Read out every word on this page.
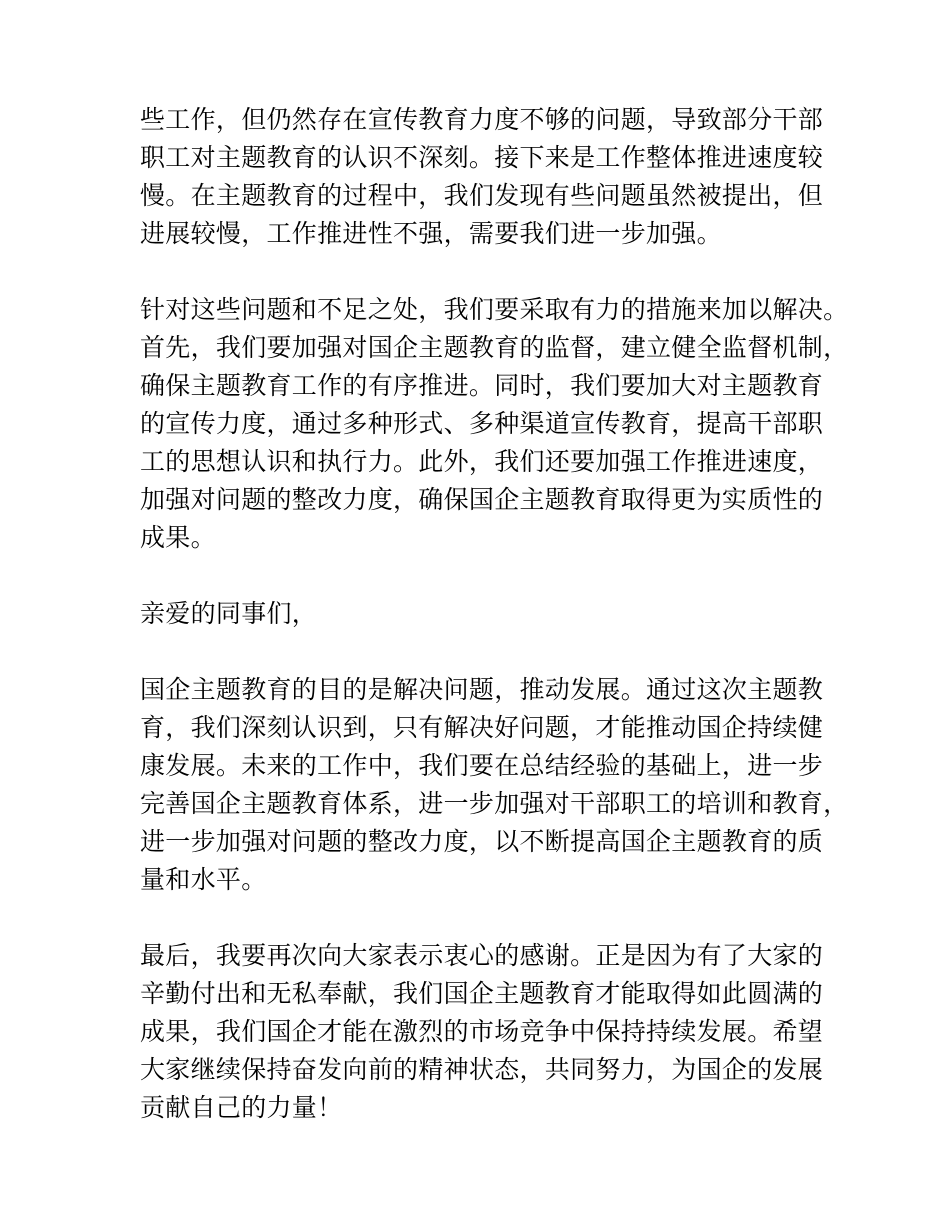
些工作，但仍然存在宣传教育力度不够的问题，导致部分干部
职工对主题教育的认识不深刻。接下来是工作整体推进速度较
慢。在主题教育的过程中，我们发现有些问题虽然被提出，但
进展较慢，工作推进性不强，需要我们进一步加强。
针对这些问题和不足之处，我们要采取有力的措施来加以解决。
首先，我们要加强对国企主题教育的监督，建立健全监督机制，
确保主题教育工作的有序推进。同时，我们要加大对主题教育
的宣传力度，通过多种形式、多种渠道宣传教育，提高干部职
工的思想认识和执行力。此外，我们还要加强工作推进速度，
加强对问题的整改力度，确保国企主题教育取得更为实质性的
成果。
亲爱的同事们，
国企主题教育的目的是解决问题，推动发展。通过这次主题教
育，我们深刻认识到，只有解决好问题，才能推动国企持续健
康发展。未来的工作中，我们要在总结经验的基础上，进一步
完善国企主题教育体系，进一步加强对干部职工的培训和教育，
进一步加强对问题的整改力度，以不断提高国企主题教育的质
量和水平。
最后，我要再次向大家表示衷心的感谢。正是因为有了大家的
辛勤付出和无私奉献，我们国企主题教育才能取得如此圆满的
成果，我们国企才能在激烈的市场竞争中保持持续发展。希望
大家继续保持奋发向前的精神状态，共同努力，为国企的发展
贡献自己的力量！
